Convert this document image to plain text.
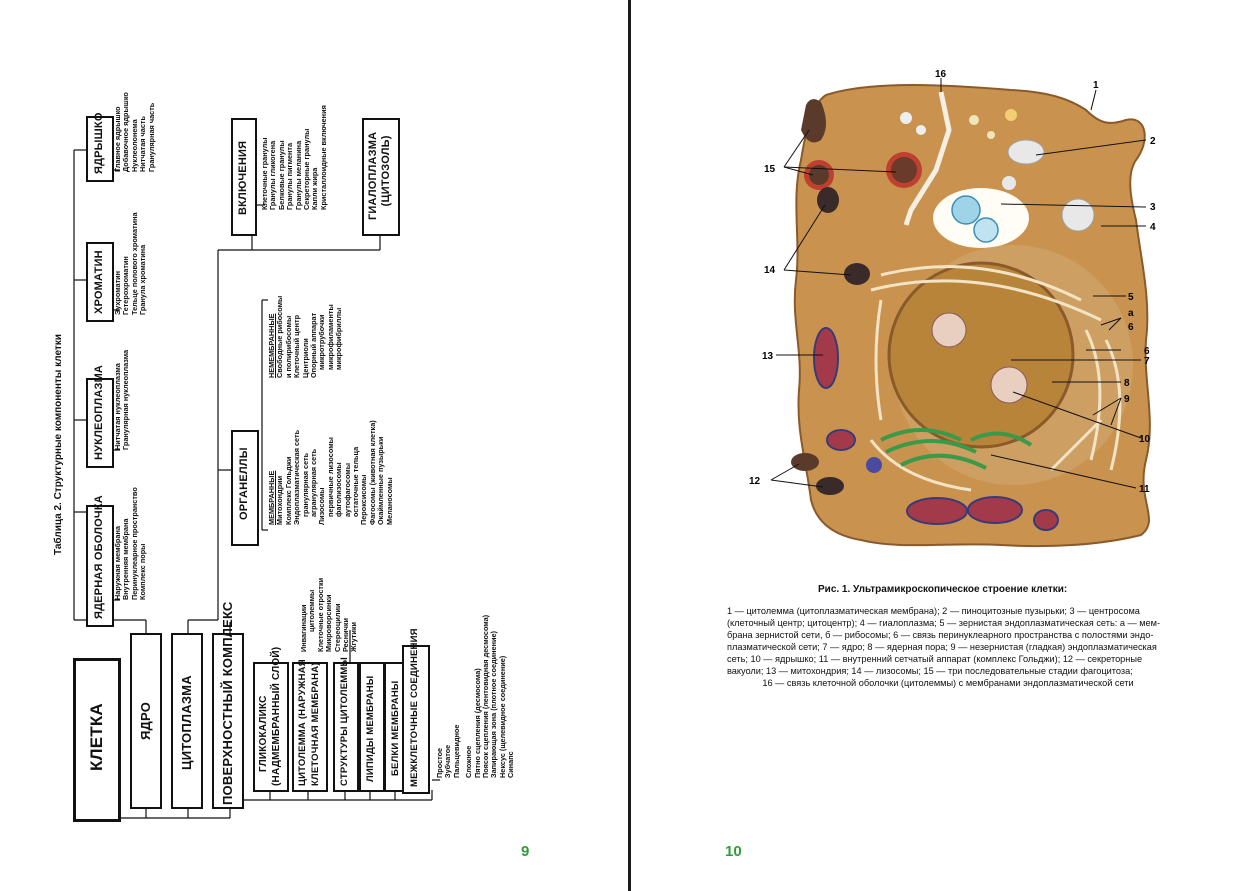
Таблица 2. Структурные компоненты клетки
ЯДЕРНАЯ ОБОЛОЧКА Наружная мембрана Внутренняя мембрана Перинуклеарное пространство Комплекс поры
НУКЛЕОПЛАЗМА Нитчатая нуклеоплазма Гранулярная нуклеоплазма
ХРОМАТИН Эухроматин Гетерохроматин Тельце полового хроматина Гранула хроматина
ЯДРЫШКО Главное ядрышко Добавочное ядрышко Нуклеолонема Нитчатая часть Гранулярная часть
КЛЕТКА ЯДРО ЦИТОПЛАЗМА ПОВЕРХНОСТНЫЙ КОМПЛЕКС
ВКЛЮЧЕНИЯ Клеточные гранулы Гранулы гликогена Белковые гранулы Гранулы пигмента Гранулы меланина Секреторные гранулы Капли жира Кристаллоидные включения	ГИАЛОПЛАЗМА (ЦИТОЗОЛЬ)
ОРГАНЕЛЛЫ
НЕМЕМБРАННЫЕ Свободные рибосомы и полирибосомы Клеточный центр Центриоли Опорный аппарат микротрубочки микрофиламенты микрофибриллы
МЕМБРАННЫЕ Митохондрии Комплекс Гольджи Эндоплазматическая сеть гранулярная сеть агранулярная сеть Лизосомы первичные лизосомы фаголизосомы аутофагосомы остаточные тельца Пероксисомы Фагосомы (животная клетка) Окаймленные пузырьки Меланосомы
ГЛИКОКАЛИКС (НАДМЕМБРАННЫЙ СЛОЙ) ЦИТОЛЕММА (НАРУЖНАЯ КЛЕТОЧНАЯ МЕМБРАНА) СТРУКТУРЫ ЦИТОЛЕММЫ
Инвагинации цитолеммы Клеточные отростки Микроворсинки Стереоцилии Реснички Жгутики
ЛИПИДЫ МЕМБРАНЫ БЕЛКИ МЕМБРАНЫ МЕЖКЛЕТОЧНЫЕ СОЕДИНЕНИЯ Простое Зубчатое Пальцевидное Сложное Пятно сцепления (десмосома) Поясок сцепления (лентовидная десмосома) Запирающая зона (плотное соединение) Нексус (щелевидное соединение) Синапс
9
16
1
2
3
4
5
а
6
6
7
8
9
10
11
15
14
13
12
Рис. 1. Ультрамикроскопическое строение клетки:
1 — цитолемма (цитоплазматическая мембрана); 2 — пиноцитозные пузырьки; 3 — центросома
(клеточный центр; цитоцентр); 4 — гиалоплазма; 5 — зернистая эндоплазматическая сеть: а — мем-
брана зернистой сети, б — рибосомы; 6 — связь перинуклеарного пространства с полостями эндо-
плазматической сети; 7 — ядро; 8 — ядерная пора; 9 — незернистая (гладкая) эндоплазматическая
сеть; 10 — ядрышко; 11 — внутренний сетчатый аппарат (комплекс Гольджи); 12 — секреторные
вакуоли; 13 — митохондрия; 14 — лизосомы; 15 — три последовательные стадии фагоцитоза;
16 — связь клеточной оболочки (цитолеммы) с мембранами эндоплазматической сети
10
